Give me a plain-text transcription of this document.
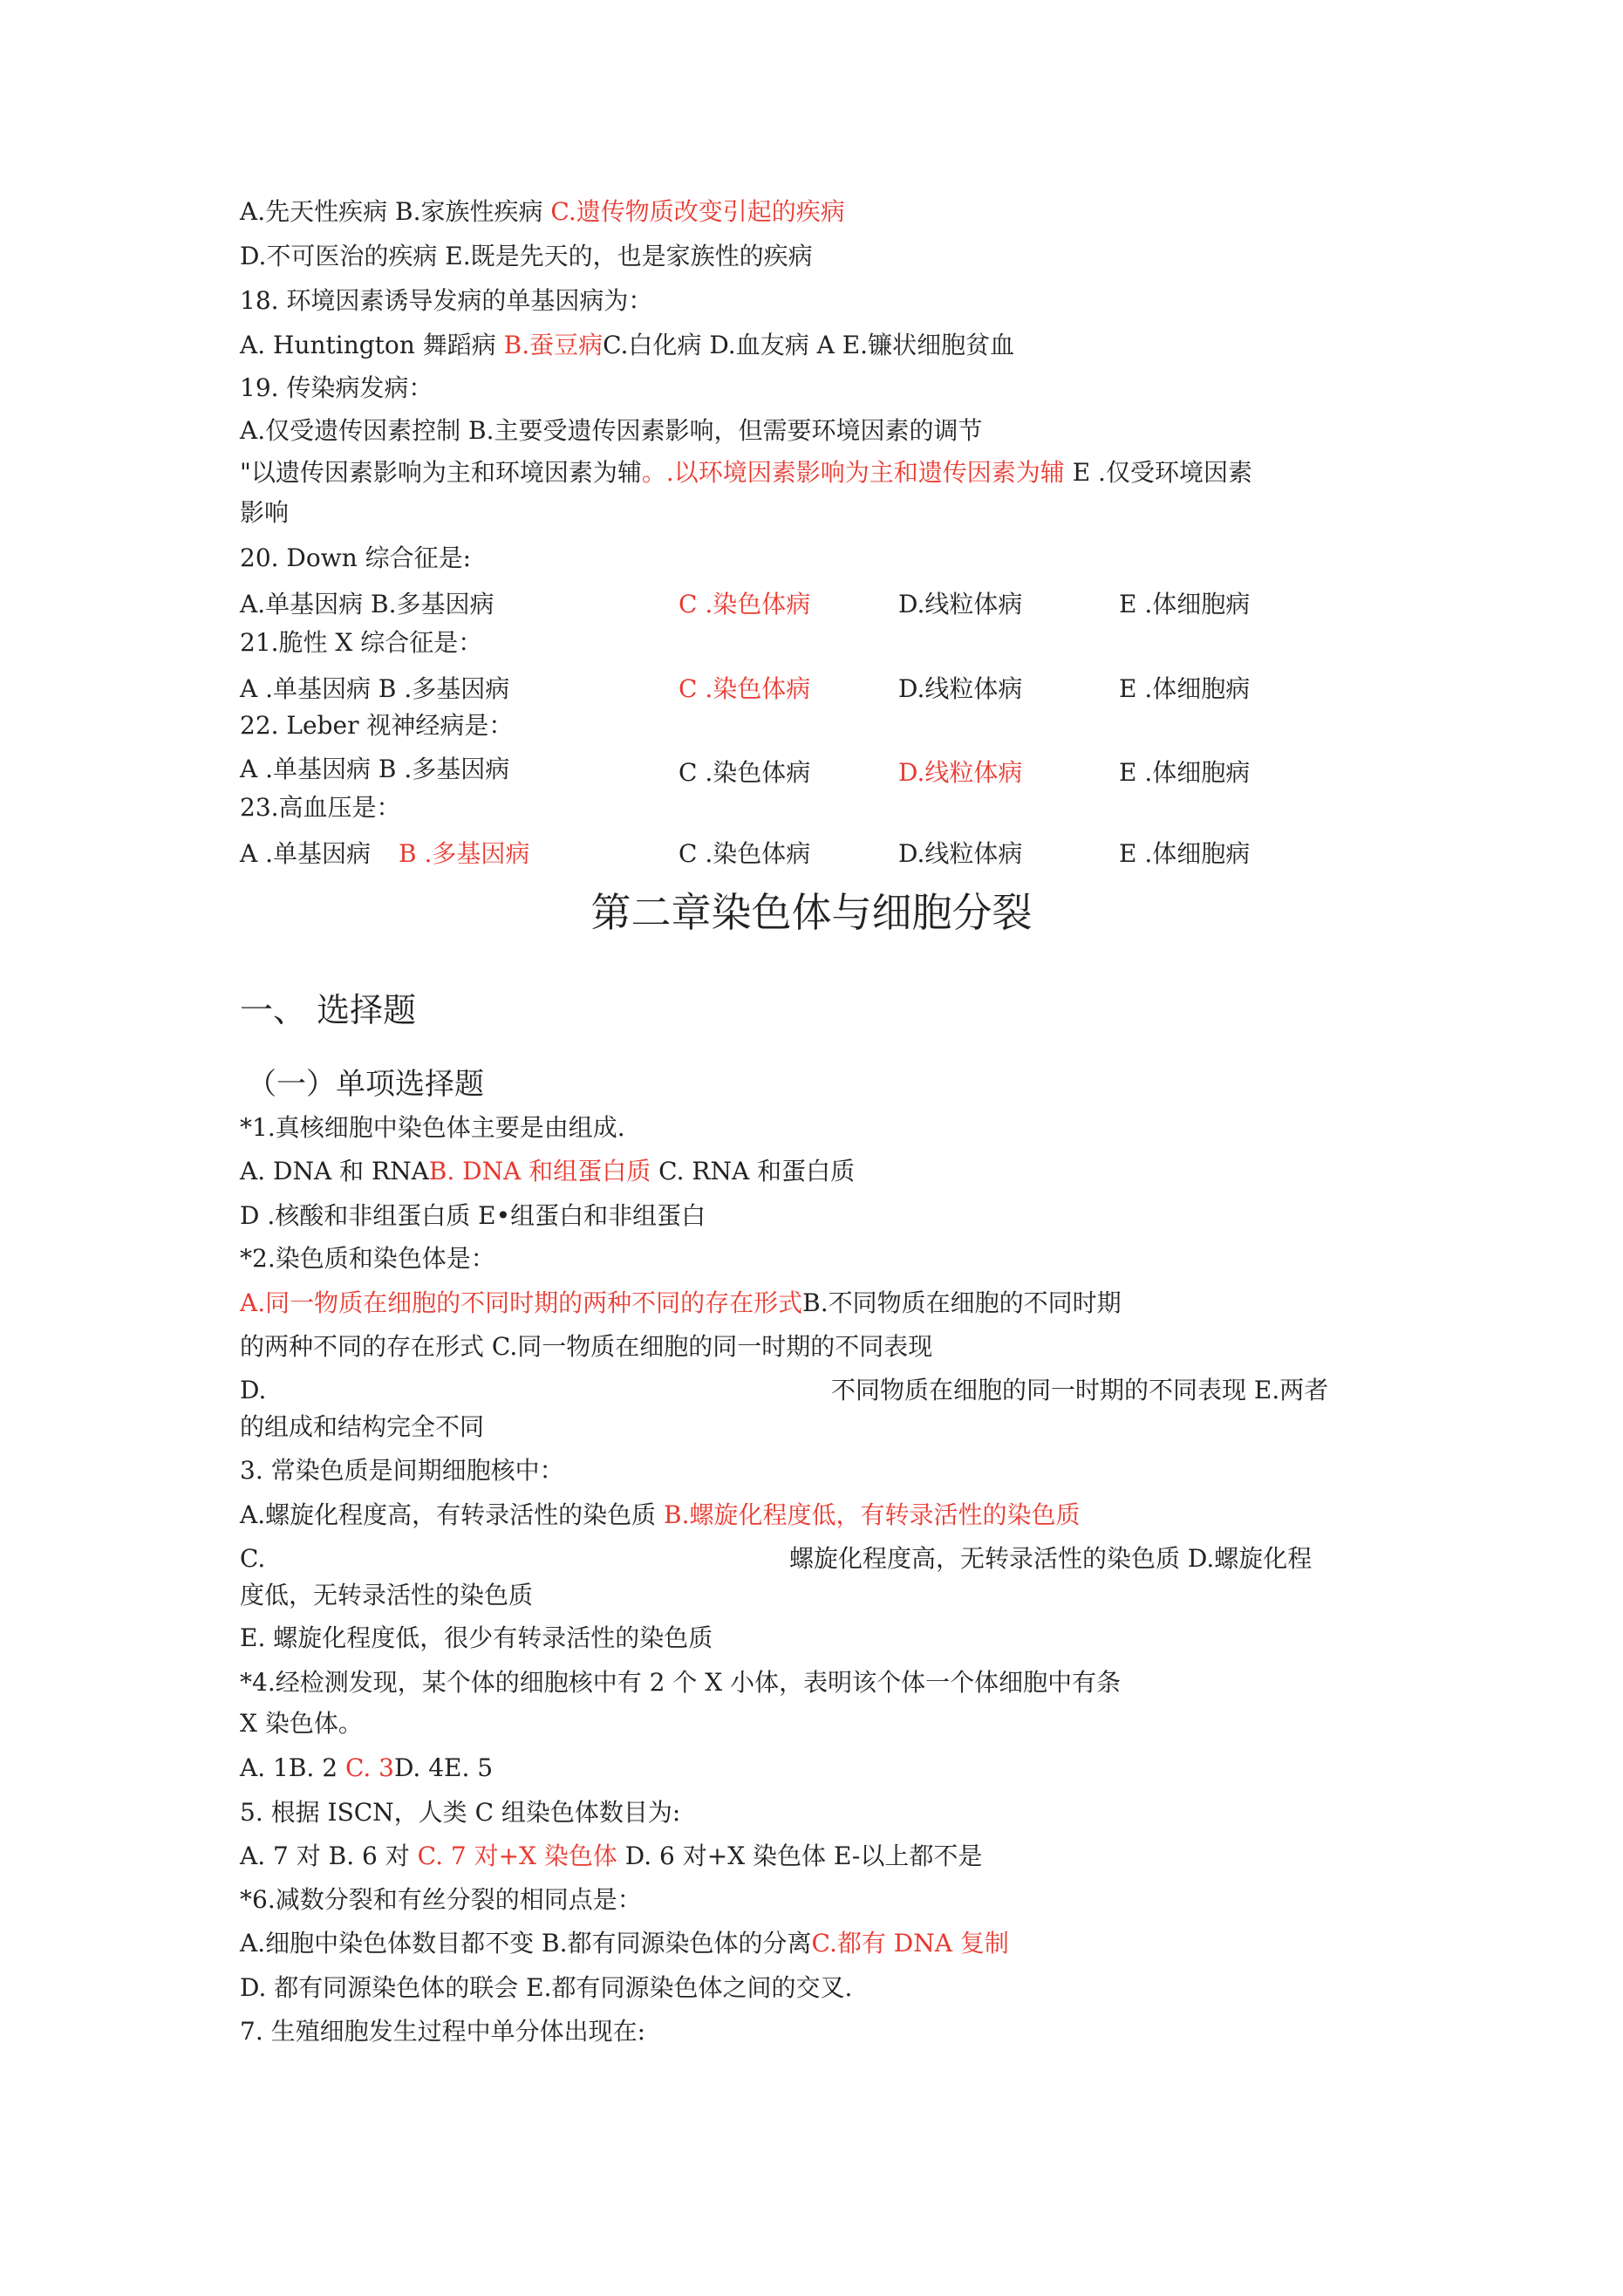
A.先天性疾病 B.家族性疾病 C.遗传物质改变引起的疾病
D.不可医治的疾病 E.既是先天的，也是家族性的疾病
18. 环境因素诱导发病的单基因病为：
A. Huntington 舞蹈病 B.蚕豆病C.白化病 D.血友病 A E.镰状细胞贫血
19. 传染病发病：
A.仅受遗传因素控制 B.主要受遗传因素影响，但需要环境因素的调节
"以遗传因素影响为主和环境因素为辅。.以环境因素影响为主和遗传因素为辅 E .仅受环境因素
影响
20. Down 综合征是:
A.单基因病 B.多基因病	C .染色体病	D.线粒体病	E .体细胞病
21.脆性 X 综合征是：
A .单基因病 B .多基因病	C .染色体病	D.线粒体病	E .体细胞病
22. Leber 视神经病是：
A .单基因病 B .多基因病	C .染色体病	D.线粒体病	E .体细胞病
23.高血压是：
A .单基因病 B .多基因病	C .染色体病	D.线粒体病	E .体细胞病
第二章染色体与细胞分裂
一、 选择题
（一）单项选择题
*1.真核细胞中染色体主要是由组成.
A. DNA 和 RNAB. DNA 和组蛋白质 C. RNA 和蛋白质
D .核酸和非组蛋白质 E•组蛋白和非组蛋白
*2.染色质和染色体是：
A.同一物质在细胞的不同时期的两种不同的存在形式B.不同物质在细胞的不同时期
的两种不同的存在形式 C.同一物质在细胞的同一时期的不同表现
D.	不同物质在细胞的同一时期的不同表现 E.两者
的组成和结构完全不同
3. 常染色质是间期细胞核中：
A.螺旋化程度高，有转录活性的染色质 B.螺旋化程度低，有转录活性的染色质
C.	螺旋化程度高，无转录活性的染色质 D.螺旋化程
度低，无转录活性的染色质
E. 螺旋化程度低，很少有转录活性的染色质
*4.经检测发现，某个体的细胞核中有 2 个 X 小体，表明该个体一个体细胞中有条
X 染色体。
A. 1B. 2 C. 3D. 4E. 5
5. 根据 ISCN，人类 C 组染色体数目为:
A. 7 对 B. 6 对 C. 7 对+X 染色体 D. 6 对+X 染色体 E-以上都不是
*6.减数分裂和有丝分裂的相同点是：
A.细胞中染色体数目都不变 B.都有同源染色体的分离C.都有 DNA 复制
D. 都有同源染色体的联会 E.都有同源染色体之间的交叉.
7. 生殖细胞发生过程中单分体出现在:
